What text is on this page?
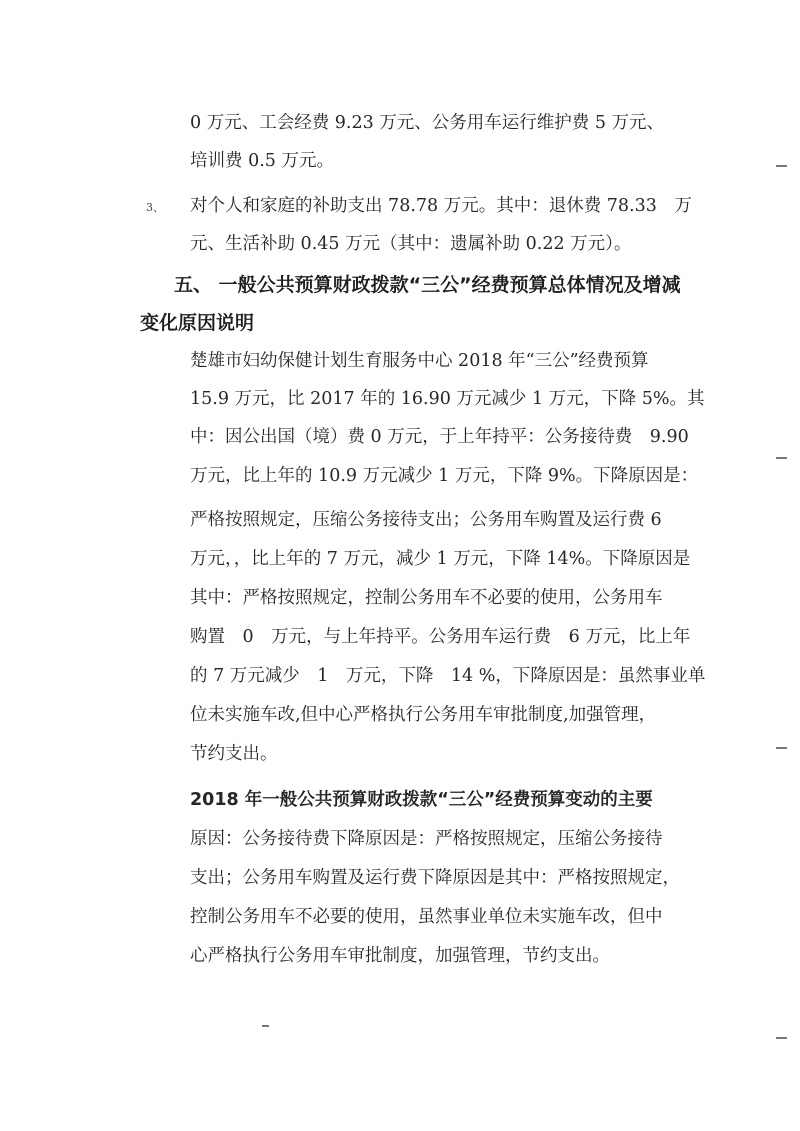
0 万元、工会经费 9.23 万元、公务用车运行维护费 5 万元、
培训费 0.5 万元。
3、 对个人和家庭的补助支出 78.78 万元。其中：退休费 78.33　万
元、生活补助 0.45 万元（其中：遗属补助 0.22 万元）。
五、 一般公共预算财政拨款“三公”经费预算总体情况及增减
变化原因说明
楚雄市妇幼保健计划生育服务中心 2018 年“三公”经费预算
15.9 万元，比 2017 年的 16.90 万元减少 1 万元，下降 5%。其
中：因公出国（境）费 0 万元，于上年持平：公务接待费　9.90
万元，比上年的 10.9 万元减少 1 万元，下降 9%。下降原因是：
严格按照规定，压缩公务接待支出；公务用车购置及运行费 6
万元，，比上年的 7 万元，减少 1 万元，下降 14%。下降原因是
其中：严格按照规定，控制公务用车不必要的使用，公务用车
购置　0　万元，与上年持平。公务用车运行费　6 万元，比上年
的 7 万元减少　1　万元，下降　14 %，下降原因是：虽然事业单
位未实施车改,但中心严格执行公务用车审批制度,加强管理，
节约支出。
2018 年一般公共预算财政拨款“三公”经费预算变动的主要
原因：公务接待费下降原因是：严格按照规定，压缩公务接待
支出；公务用车购置及运行费下降原因是其中：严格按照规定，
控制公务用车不必要的使用，虽然事业单位未实施车改，但中
心严格执行公务用车审批制度，加强管理，节约支出。
